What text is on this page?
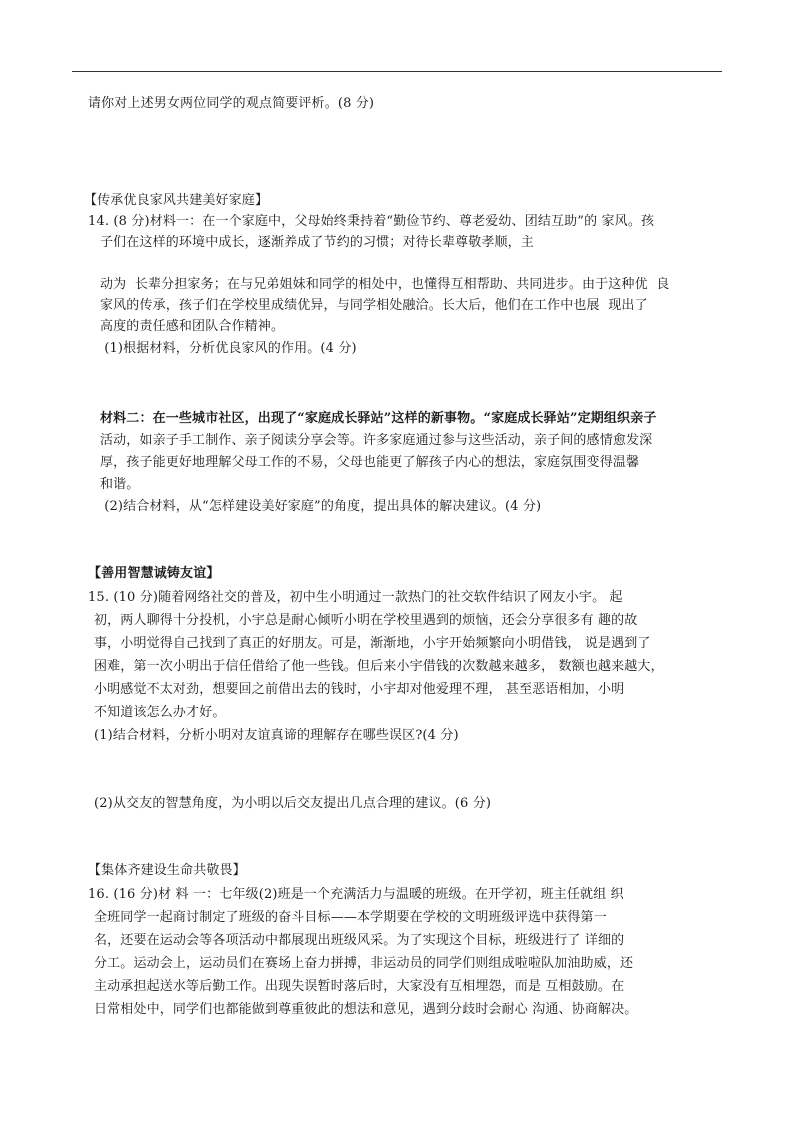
请你对上述男女两位同学的观点简要评析。(8 分)
【传承优良家风共建美好家庭】
14. (8 分)材料一：在一个家庭中，父母始终秉持着“勤俭节约、尊老爱幼、团结互助”的 家风。孩
子们在这样的环境中成长，逐渐养成了节约的习惯；对待长辈尊敬孝顺，主
动为  长辈分担家务；在与兄弟姐妹和同学的相处中，也懂得互相帮助、共同进步。由于这种优  良
家风的传承，孩子们在学校里成绩优异，与同学相处融洽。长大后，他们在工作中也展  现出了
高度的责任感和团队合作精神。
(1)根据材料，分析优良家风的作用。(4 分)
材料二：在一些城市社区，出现了“家庭成长驿站”这样的新事物。“家庭成长驿站”定期组织亲子
活动，如亲子手工制作、亲子阅读分享会等。许多家庭通过参与这些活动，亲子间的感情愈发深
厚，孩子能更好地理解父母工作的不易，父母也能更了解孩子内心的想法，家庭氛围变得温馨
和谐。
(2)结合材料，从“怎样建设美好家庭”的角度，提出具体的解决建议。(4 分)
【善用智慧诚铸友谊】
15. (10 分)随着网络社交的普及，初中生小明通过一款热门的社交软件结识了网友小宇。 起
初，两人聊得十分投机，小宇总是耐心倾听小明在学校里遇到的烦恼，还会分享很多有 趣的故
事，小明觉得自己找到了真正的好朋友。可是，渐渐地，小宇开始频繁向小明借钱， 说是遇到了
困难，第一次小明出于信任借给了他一些钱。但后来小宇借钱的次数越来越多， 数额也越来越大，
小明感觉不太对劲，想要回之前借出去的钱时，小宇却对他爱理不理， 甚至恶语相加，小明
不知道该怎么办才好。
(1)结合材料，分析小明对友谊真谛的理解存在哪些误区?(4 分)
(2)从交友的智慧角度，为小明以后交友提出几点合理的建议。(6 分)
【集体齐建设生命共敬畏】
16. (16 分)材 料 一：七年级(2)班是一个充满活力与温暖的班级。在开学初，班主任就组 织
全班同学一起商讨制定了班级的奋斗目标——本学期要在学校的文明班级评选中获得第一
名，还要在运动会等各项活动中都展现出班级风采。为了实现这个目标，班级进行了 详细的
分工。运动会上，运动员们在赛场上奋力拼搏，非运动员的同学们则组成啦啦队加油助威，还
主动承担起送水等后勤工作。出现失误暂时落后时，大家没有互相埋怨，而是 互相鼓励。在
日常相处中，同学们也都能做到尊重彼此的想法和意见，遇到分歧时会耐心 沟通、协商解决。
